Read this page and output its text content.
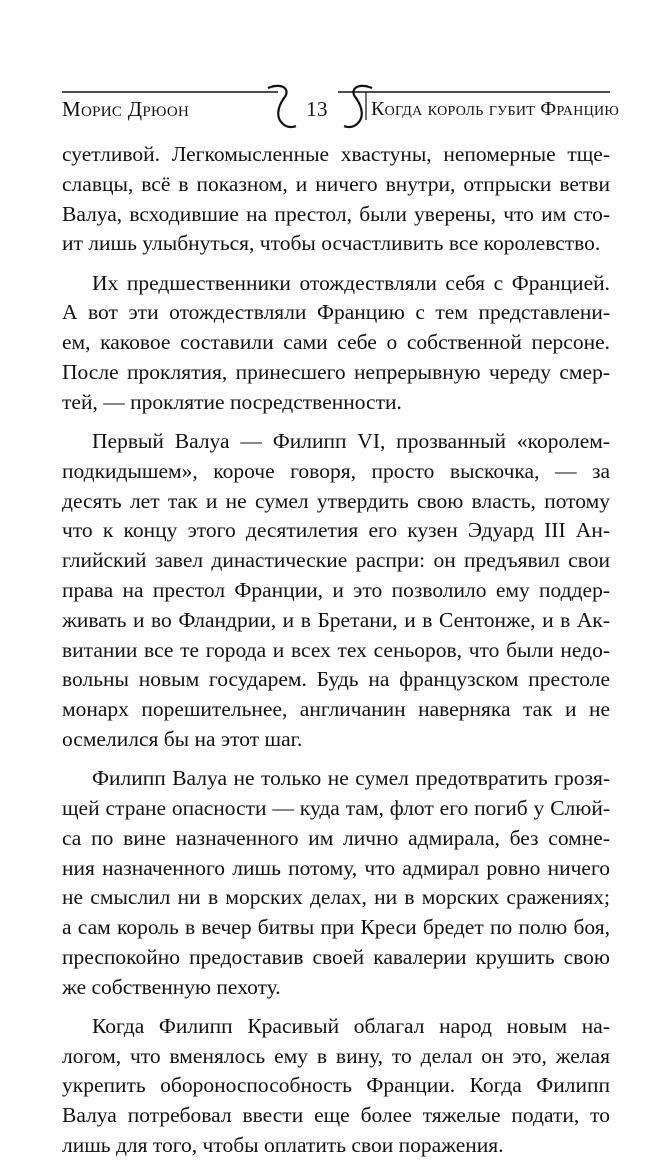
Морис Дрюон	13	Когда король губит Францию
суетливой. Легкомысленные хвастуны, непомерные тще-
славцы, всё в показном, и ничего внутри, отпрыски ветви
Валуа, всходившие на престол, были уверены, что им сто-
ит лишь улыбнуться, чтобы осчастливить все королевство.
Их предшественники отождествляли себя с Францией.
А вот эти отождествляли Францию с тем представлени-
ем, каковое составили сами себе о собственной персоне.
После проклятия, принесшего непрерывную череду смер-
тей, — проклятие посредственности.
Первый Валуа — Филипп VI, прозванный «королем-
подкидышем», короче говоря, просто выскочка, — за
десять лет так и не сумел утвердить свою власть, потому
что к концу этого десятилетия его кузен Эдуард III Ан-
глийский завел династические распри: он предъявил свои
права на престол Франции, и это позволило ему поддер-
живать и во Фландрии, и в Бретани, и в Сентонже, и в Ак-
витании все те города и всех тех сеньоров, что были недо-
вольны новым государем. Будь на французском престоле
монарх порешительнее, англичанин наверняка так и не
осмелился бы на этот шаг.
Филипп Валуа не только не сумел предотвратить грозя-
щей стране опасности — куда там, флот его погиб у Слюй-
са по вине назначенного им лично адмирала, без сомне-
ния назначенного лишь потому, что адмирал ровно ничего
не смыслил ни в морских делах, ни в морских сражениях;
а сам король в вечер битвы при Креси бредет по полю боя,
преспокойно предоставив своей кавалерии крушить свою
же собственную пехоту.
Когда Филипп Красивый облагал народ новым на-
логом, что вменялось ему в вину, то делал он это, желая
укрепить обороноспособность Франции. Когда Филипп
Валуа потребовал ввести еще более тяжелые подати, то
лишь для того, чтобы оплатить свои поражения.
